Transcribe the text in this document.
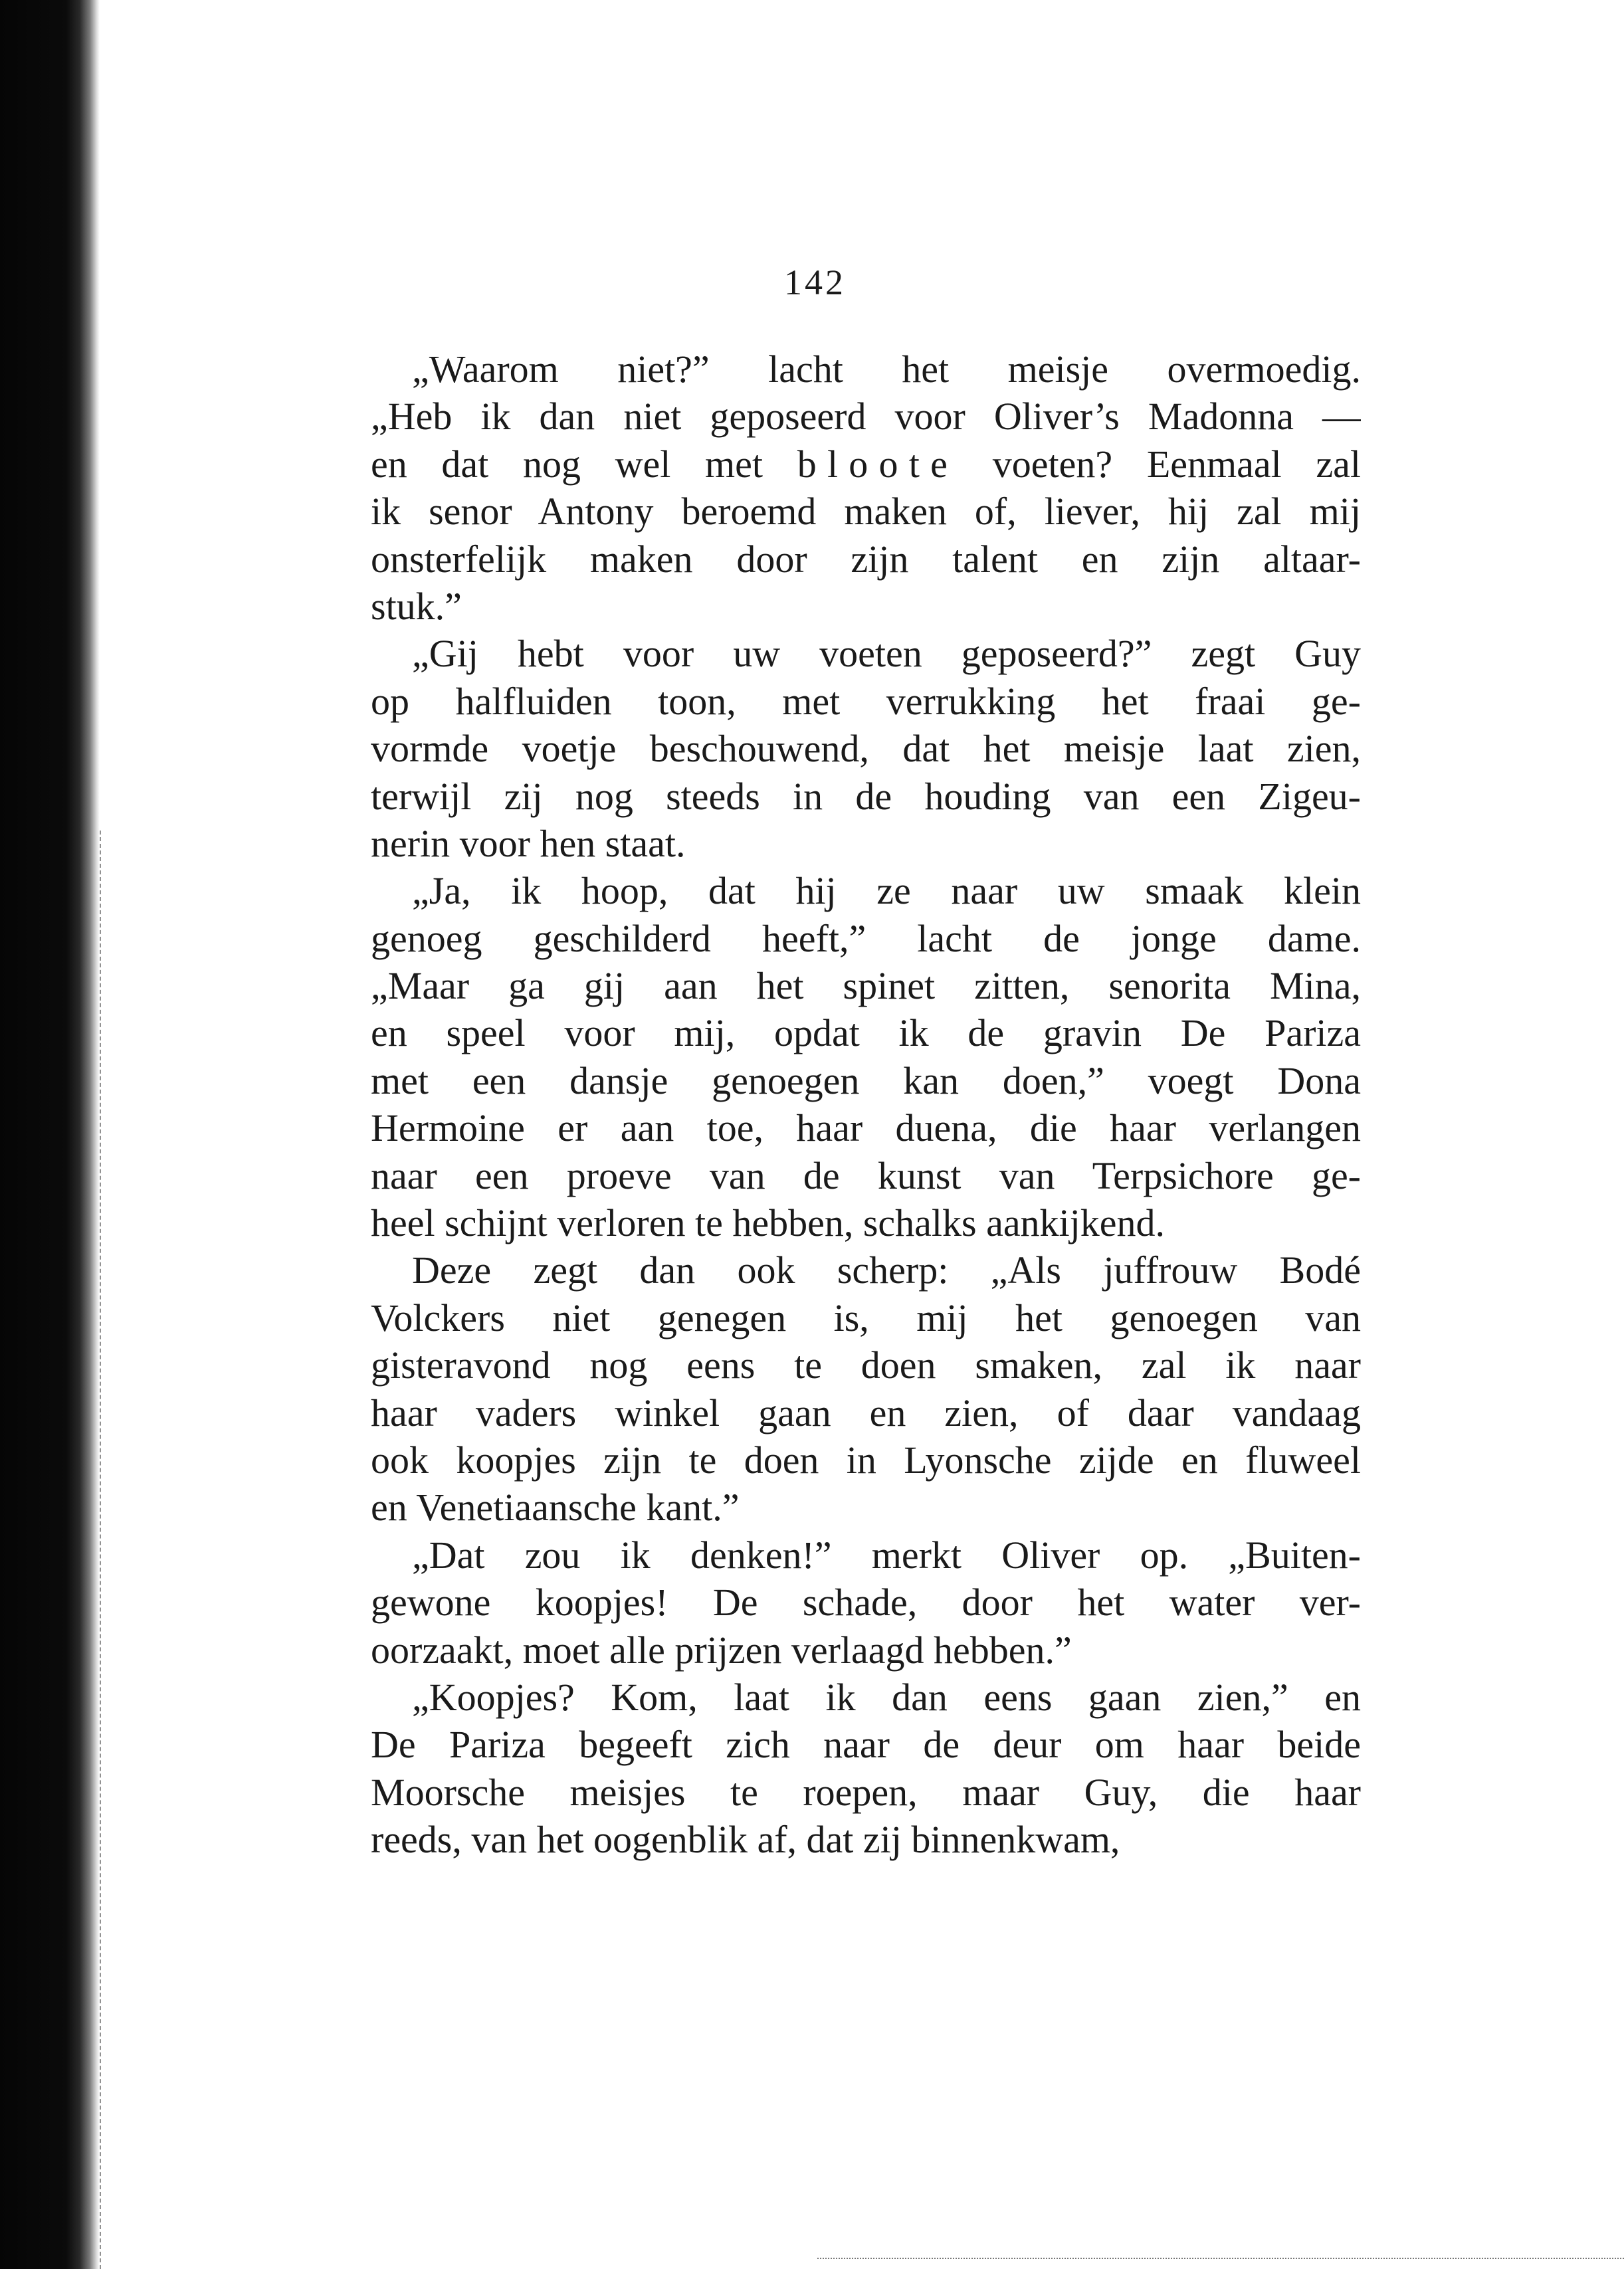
142
„Waarom niet?” lacht het meisje overmoedig.
„Heb ik dan niet geposeerd voor Oliver’s Madonna —
en dat nog wel met bloote voeten? Eenmaal zal
ik senor Antony beroemd maken of, liever, hij zal mij
onsterfelijk maken door zijn talent en zijn altaar-
stuk.”
„Gij hebt voor uw voeten geposeerd?” zegt Guy
op halfluiden toon, met verrukking het fraai ge-
vormde voetje beschouwend, dat het meisje laat zien,
terwijl zij nog steeds in de houding van een Zigeu-
nerin voor hen staat.
„Ja, ik hoop, dat hij ze naar uw smaak klein
genoeg geschilderd heeft,” lacht de jonge dame.
„Maar ga gij aan het spinet zitten, senorita Mina,
en speel voor mij, opdat ik de gravin De Pariza
met een dansje genoegen kan doen,” voegt Dona
Hermoine er aan toe, haar duena, die haar verlangen
naar een proeve van de kunst van Terpsichore ge-
heel schijnt verloren te hebben, schalks aankijkend.
Deze zegt dan ook scherp: „Als juffrouw Bodé
Volckers niet genegen is, mij het genoegen van
gisteravond nog eens te doen smaken, zal ik naar
haar vaders winkel gaan en zien, of daar vandaag
ook koopjes zijn te doen in Lyonsche zijde en fluweel
en Venetiaansche kant.”
„Dat zou ik denken!” merkt Oliver op. „Buiten-
gewone koopjes! De schade, door het water ver-
oorzaakt, moet alle prijzen verlaagd hebben.”
„Koopjes? Kom, laat ik dan eens gaan zien,” en
De Pariza begeeft zich naar de deur om haar beide
Moorsche meisjes te roepen, maar Guy, die haar
reeds, van het oogenblik af, dat zij binnenkwam,
